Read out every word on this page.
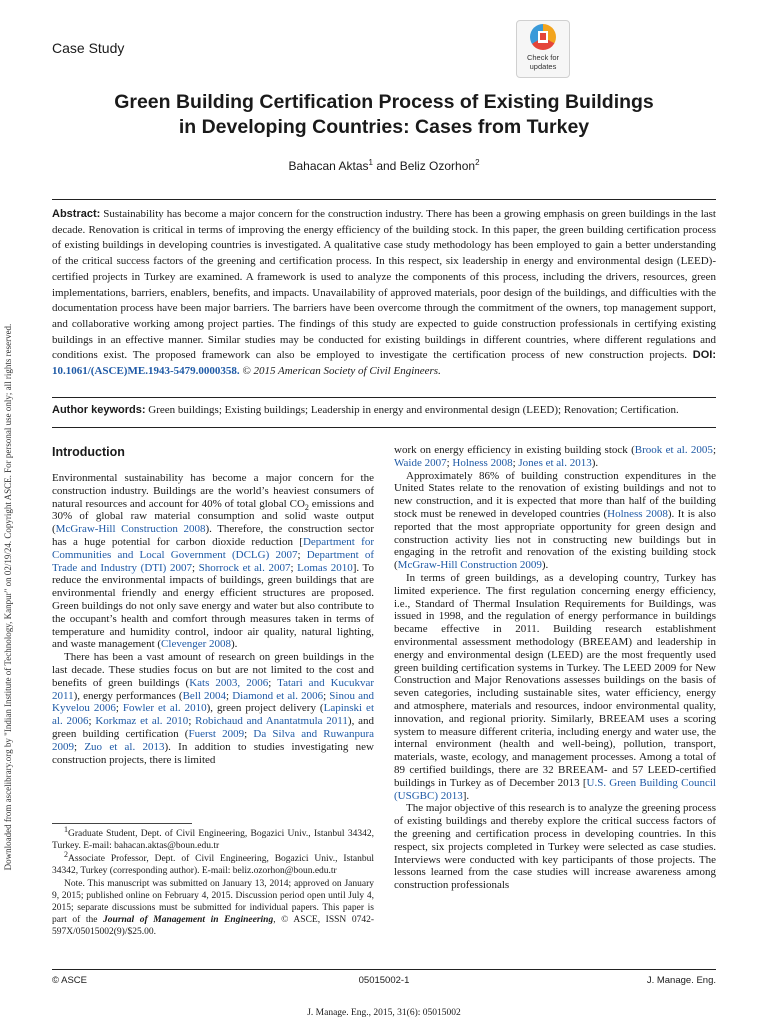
Downloaded from ascelibrary.org by "Indian Institute of Technology, Kanpur" on 02/19/24. Copyright ASCE. For personal use only; all rights reserved.
Case Study
Check for
updates
Green Building Certification Process of Existing Buildings
in Developing Countries: Cases from Turkey
Bahacan Aktas$^1$ and Beliz Ozorhon$^2$
Abstract: Sustainability has become a major concern for the construction industry. There has been a growing emphasis on green buildings in the last decade. Renovation is critical in terms of improving the energy efficiency of the building stock. In this paper, the green building certification process of existing buildings in developing countries is investigated. A qualitative case study methodology has been employed to gain a better understanding of the critical success factors of the greening and certification process. In this respect, six leadership in energy and environmental design (LEED)-certified projects in Turkey are examined. A framework is used to analyze the components of this process, including the drivers, resources, green implementations, barriers, enablers, benefits, and impacts. Unavailability of approved materials, poor design of the buildings, and difficulties with the documentation process have been major barriers. The barriers have been overcome through the commitment of the owners, top management support, and collaborative working among project parties. The findings of this study are expected to guide construction professionals in certifying existing buildings in an effective manner. Similar studies may be conducted for existing buildings in different countries, where different regulations and conditions exist. The proposed framework can also be employed to investigate the certification process of new construction projects. DOI: 10.1061/(ASCE)ME.1943-5479.0000358. © 2015 American Society of Civil Engineers.
Author keywords: Green buildings; Existing buildings; Leadership in energy and environmental design (LEED); Renovation; Certification.
Introduction

Environmental sustainability has become a major concern for the construction industry. Buildings are the world’s heaviest consumers of natural resources and account for 40% of total global $CO_2$ emissions and 30% of global raw material consumption and solid waste output (McGraw-Hill Construction 2008). Therefore, the construction sector has a huge potential for carbon dioxide reduction [Department for Communities and Local Government (DCLG) 2007; Department of Trade and Industry (DTI) 2007; Shorrock et al. 2007; Lomas 2010]. To reduce the environmental impacts of buildings, green buildings that are environmental friendly and energy efficient structures are proposed. Green buildings do not only save energy and water but also contribute to the occupant’s health and comfort through measures taken in terms of temperature and humidity control, indoor air quality, natural lighting, and waste management (Clevenger 2008).

There has been a vast amount of research on green buildings in the last decade. These studies focus on but are not limited to the cost and benefits of green buildings (Kats 2003, 2006; Tatari and Kucukvar 2011), energy performances (Bell 2004; Diamond et al. 2006; Sinou and Kyvelou 2006; Fowler et al. 2010), green project delivery (Lapinski et al. 2006; Korkmaz et al. 2010; Robichaud and Anantatmula 2011), and green building certification (Fuerst 2009; Da Silva and Ruwanpura 2009; Zuo et al. 2013). In addition to studies investigating new construction projects, there is limited

$^1$Graduate Student, Dept. of Civil Engineering, Bogazici Univ., Istanbul 34342, Turkey. E-mail: bahacan.aktas@boun.edu.tr

$^2$Associate Professor, Dept. of Civil Engineering, Bogazici Univ., Istanbul 34342, Turkey (corresponding author). E-mail: beliz.ozorhon@boun.edu.tr

Note. This manuscript was submitted on January 13, 2014; approved on January 9, 2015; published online on February 4, 2015. Discussion period open until July 4, 2015; separate discussions must be submitted for individual papers. This paper is part of the Journal of Management in Engineering, © ASCE, ISSN 0742-597X/05015002(9)/$25.00.

work on energy efficiency in existing building stock (Brook et al. 2005; Waide 2007; Holness 2008; Jones et al. 2013).

Approximately 86% of building construction expenditures in the United States relate to the renovation of existing buildings and not to new construction, and it is expected that more than half of the building stock must be renewed in developed countries (Holness 2008). It is also reported that the most appropriate opportunity for green design and construction activity lies not in constructing new buildings but in engaging in the retrofit and renovation of the existing building stock (McGraw-Hill Construction 2009).

In terms of green buildings, as a developing country, Turkey has limited experience. The first regulation concerning energy efficiency, i.e., Standard of Thermal Insulation Requirements for Buildings, was issued in 1998, and the regulation of energy performance in buildings became effective in 2011. Building research establishment environmental assessment methodology (BREEAM) and leadership in energy and environmental design (LEED) are the most frequently used green building certification systems in Turkey. The LEED 2009 for New Construction and Major Renovations assesses buildings on the basis of seven categories, including sustainable sites, water efficiency, energy and atmosphere, materials and resources, indoor environmental quality, innovation, and regional priority. Similarly, BREEAM uses a scoring system to measure different criteria, including energy and water use, the internal environment (health and well-being), pollution, transport, materials, waste, ecology, and management processes. Among a total of 89 certified buildings, there are 32 BREEAM- and 57 LEED-certified buildings in Turkey as of December 2013 [U.S. Green Building Council (USGBC) 2013].

The major objective of this research is to analyze the greening process of existing buildings and thereby explore the critical success factors of the greening and certification process in developing countries. In this respect, six projects completed in Turkey were selected as case studies. Interviews were conducted with key participants of those projects. The lessons learned from the case studies will increase awareness among construction professionals

© ASCE	05015002-1	J. Manage. Eng.
J. Manage. Eng., 2015, 31(6): 05015002
